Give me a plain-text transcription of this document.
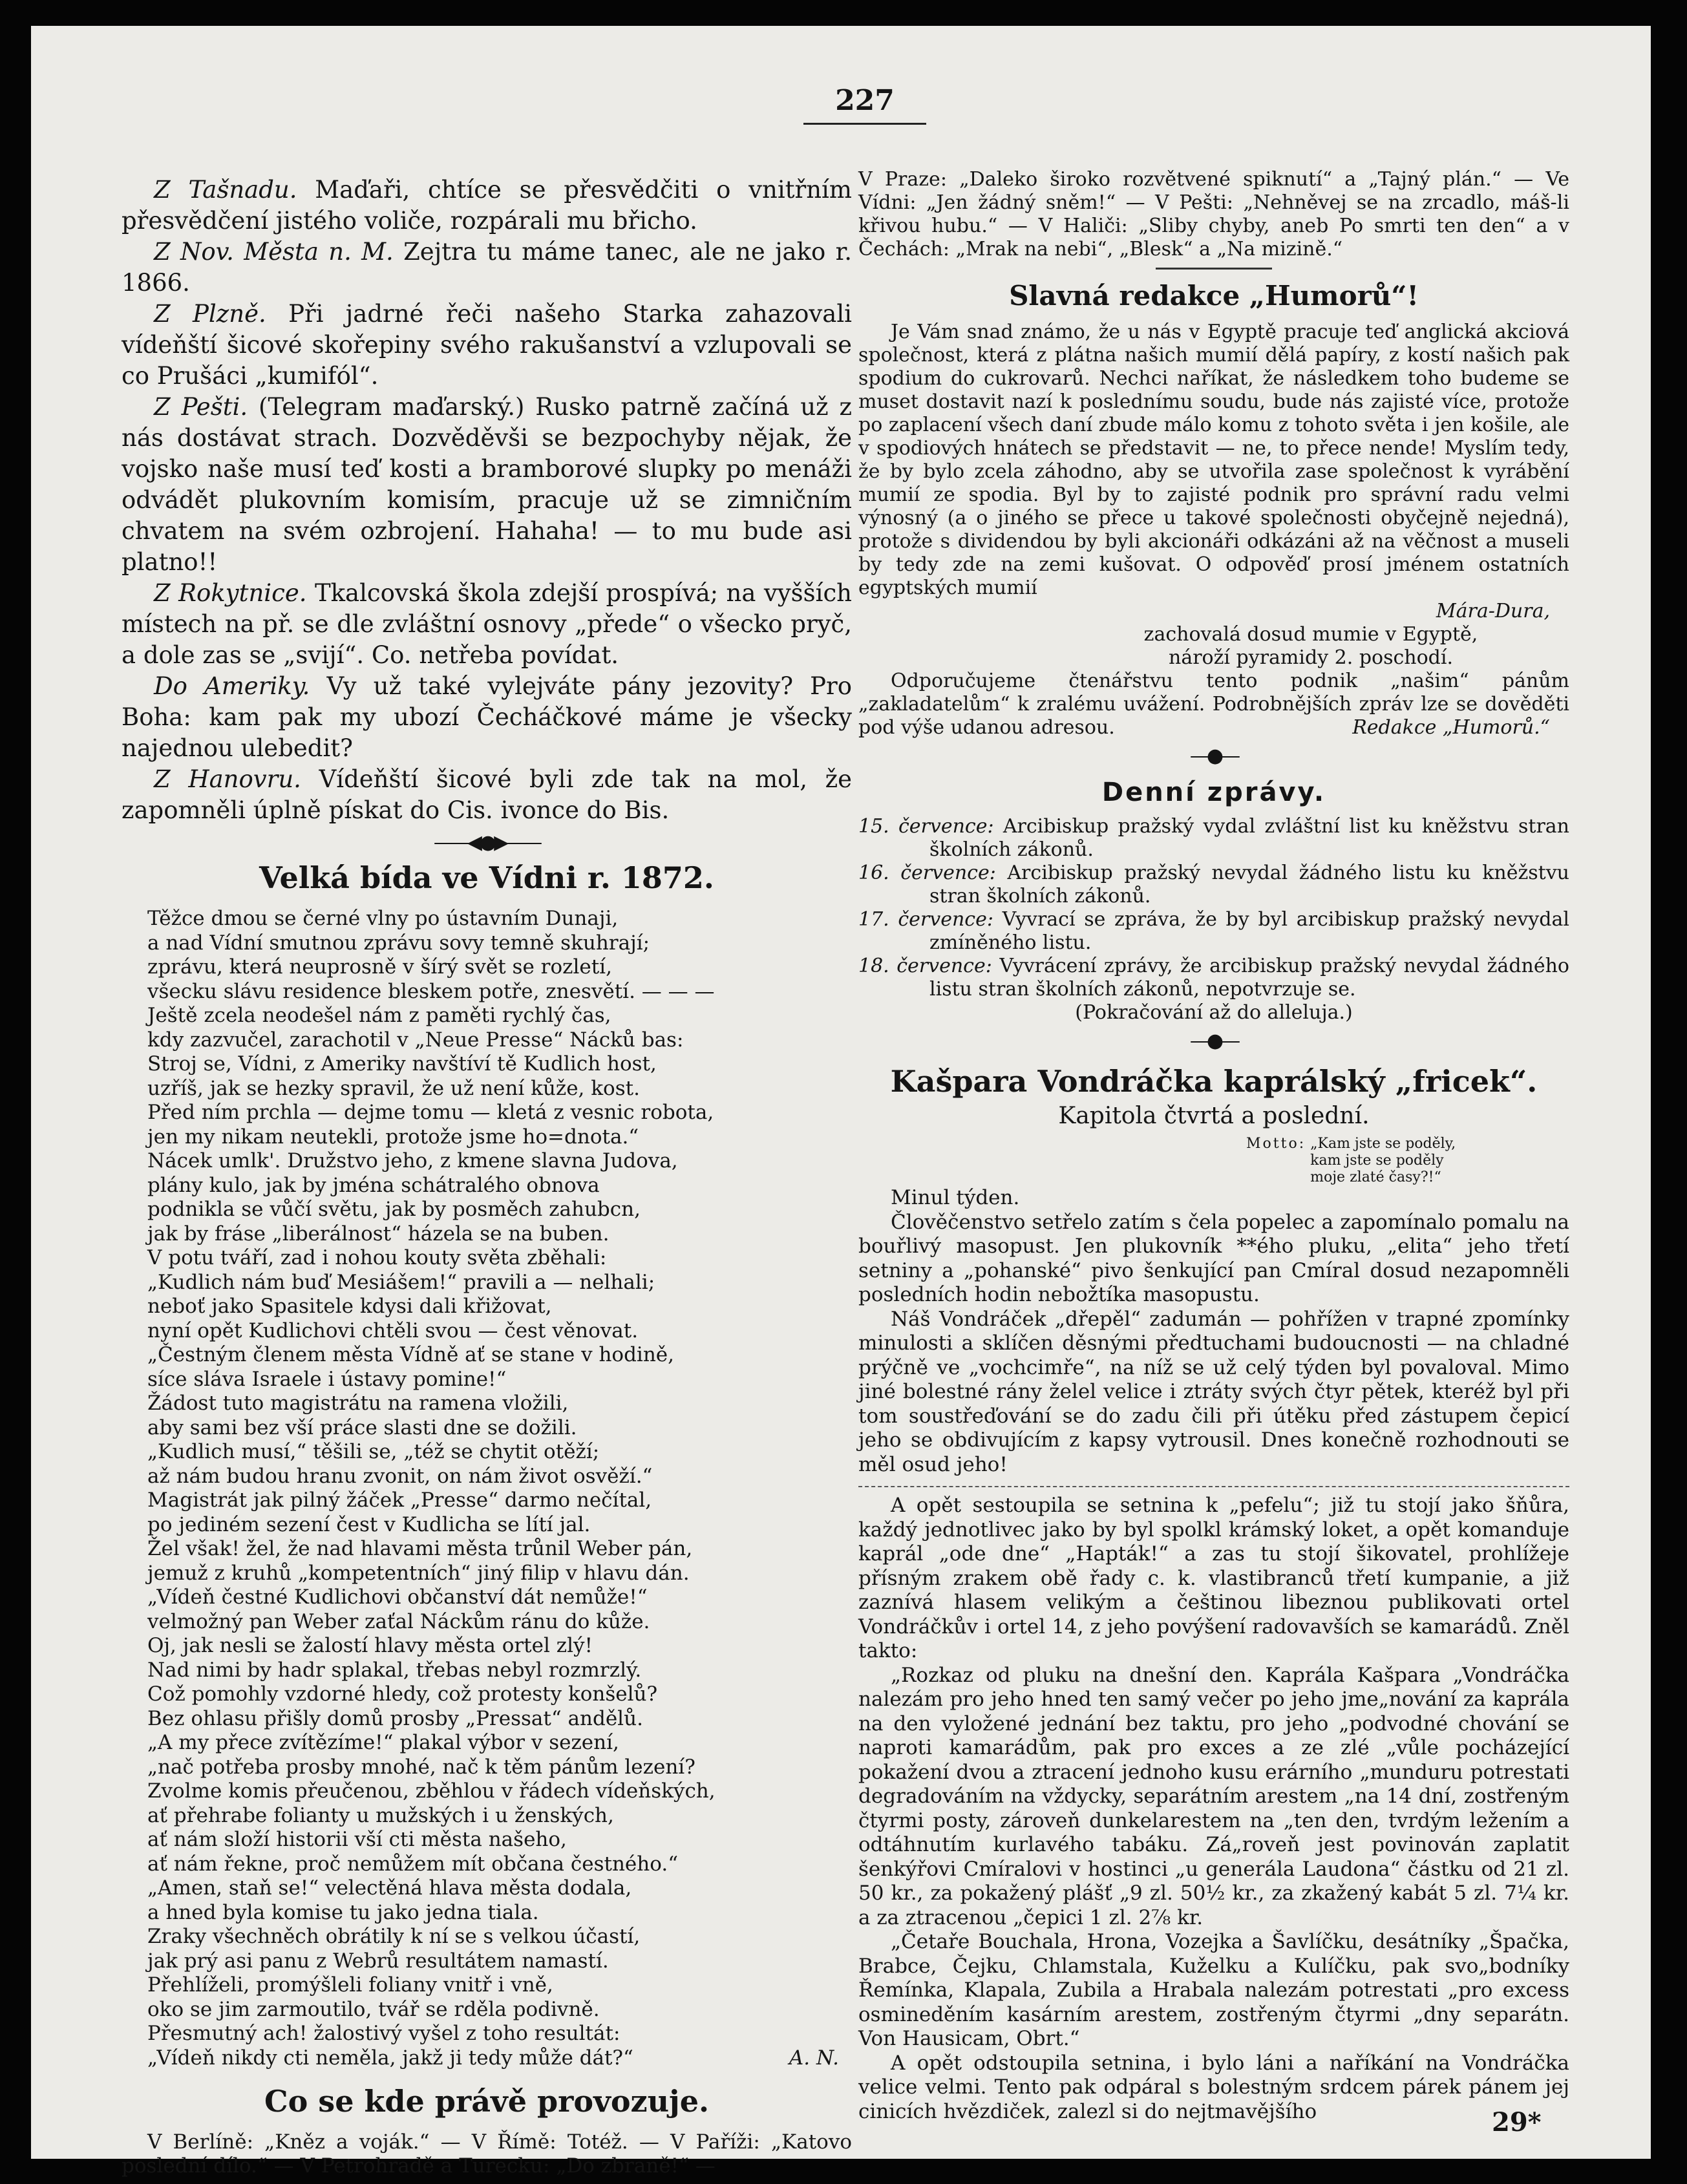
227

Z Tašnadu. Maďaři, chtíce se přesvědčiti o vnitřním přesvědčení jistého voliče, rozpárali mu břicho.

Z Nov. Města n. M. Zejtra tu máme tanec, ale ne jako r. 1866.

Z Plzně. Při jadrné řeči našeho Starka zahazovali vídeňští šicové skořepiny svého rakušanství a vzlupovali se co Prušáci „kumifól“.

Z Pešti. (Telegram maďarský.) Rusko patrně začíná už z nás dostávat strach. Dozvěděvši se bezpochyby nějak, že vojsko naše musí teď kosti a bramborové slupky po menáži odvádět plukovním komisím, pracuje už se zimničním chvatem na svém ozbrojení. Hahaha! — to mu bude asi platno!!

Z Rokytnice. Tkalcovská škola zdejší prospívá; na vyšších místech na př. se dle zvláštní osnovy „přede“ o všecko pryč, a dole zas se „svijí“. Co. netřeba povídat.

Do Ameriky. Vy už také vylejváte pány jezovity? Pro Boha: kam pak my ubozí Čecháčkové máme je všecky najednou ulebedit?

Z Hanovru. Vídeňští šicové byli zde tak na mol, že zapomněli úplně pískat do Cis. ivonce do Bis.

——◀●▶——
Velká bída ve Vídni r. 1872.
Těžce dmou se černé vlny po ústavním Dunaji,
a nad Vídní smutnou zprávu sovy temně skuhrají;
zprávu, která neuprosně v šírý svět se rozletí,
všecku slávu residence bleskem potře, znesvětí. — — —
Ještě zcela neodešel nám z paměti rychlý čas,
kdy zazvučel, zarachotil v „Neue Presse“ Nácků bas:
Stroj se, Vídni, z Ameriky navštíví tě Kudlich host,
uzříš, jak se hezky spravil, že už není kůže, kost.
Před ním prchla — dejme tomu — kletá z vesnic robota,
jen my nikam neutekli, protože jsme ho=dnota.“
Nácek umlk'. Družstvo jeho, z kmene slavna Judova,
plány kulo, jak by jména schátralého obnova
podnikla se vůčí světu, jak by posměch zahubcn,
jak by fráse „liberálnost“ házela se na buben.
V potu tváří, zad i nohou kouty světa zběhali:
„Kudlich nám buď Mesiášem!“ pravili a — nelhali;
neboť jako Spasitele kdysi dali křižovat,
nyní opět Kudlichovi chtěli svou — čest věnovat.
„Čestným členem města Vídně ať se stane v hodině,
síce sláva Israele i ústavy pomine!“
Žádost tuto magistrátu na ramena vložili,
aby sami bez vší práce slasti dne se dožili.
„Kudlich musí,“ těšili se, „též se chytit otěží;
až nám budou hranu zvonit, on nám život osvěží.“
Magistrát jak pilný žáček „Presse“ darmo nečítal,
po jediném sezení čest v Kudlicha se lítí jal.
Žel však! žel, že nad hlavami města trůnil Weber pán,
jemuž z kruhů „kompetentních“ jiný filip v hlavu dán.
„Vídeň čestné Kudlichovi občanství dát nemůže!“
velmožný pan Weber zaťal Náckům ránu do kůže.
Oj, jak nesli se žalostí hlavy města ortel zlý!
Nad nimi by hadr splakal, třebas nebyl rozmrzlý.
Což pomohly vzdorné hledy, což protesty konšelů?
Bez ohlasu přišly domů prosby „Pressat“ andělů.
„A my přece zvítězíme!“ plakal výbor v sezení,
„nač potřeba prosby mnohé, nač k těm pánům lezení?
Zvolme komis přeučenou, zběhlou v řádech vídeňských,
ať přehrabe folianty u mužských i u ženských,
ať nám složí historii vší cti města našeho,
ať nám řekne, proč nemůžem mít občana čestného.“
„Amen, staň se!“ velectěná hlava města dodala,
a hned byla komise tu jako jedna tiala.
Zraky všechněch obrátily k ní se s velkou účastí,
jak prý asi panu z Webrů resultátem namastí.
Přehlíželi, promýšleli foliany vnitř i vně,
oko se jim zarmoutilo, tvář se rděla podivně.
Přesmutný ach! žalostivý vyšel z toho resultát:
„Vídeň nikdy cti neměla, jakž ji tedy může dát?“	A. N.
Co se kde právě provozuje.

V Berlíně: „Kněz a voják.“ — V Římě: Totéž. — V Paříži: „Katovo poslední dílo.“ — V Petrohradě a Turecku: „Do zbraně!“ —

V Praze: „Daleko široko rozvětvené spiknutí“ a „Tajný plán.“ — Ve Vídni: „Jen žádný sněm!“ — V Pešti: „Nehněvej se na zrcadlo, máš-li křivou hubu.“ — V Haliči: „Sliby chyby, aneb Po smrti ten den“ a v Čechách: „Mrak na nebi“, „Blesk“ a „Na mizině.“

Slavná redakce „Humorů“!

Je Vám snad známo, že u nás v Egyptě pracuje teď anglická akciová společnost, která z plátna našich mumií dělá papíry, z kostí našich pak spodium do cukrovarů. Nechci naříkat, že následkem toho budeme se muset dostavit nazí k poslednímu soudu, bude nás zajisté více, protože po zaplacení všech daní zbude málo komu z tohoto světa i jen košile, ale v spodiových hnátech se představit — ne, to přece nende! Myslím tedy, že by bylo zcela záhodno, aby se utvořila zase společnost k vyrábění mumií ze spodia. Byl by to zajisté podnik pro správní radu velmi výnosný (a o jiného se přece u takové společnosti obyčejně nejedná), protože s dividendou by byli akcionáři odkázáni až na věčnost a museli by tedy zde na zemi kušovat. O odpověď prosí jménem ostatních egyptských mumií

Mára-Dura,
zachovalá dosud mumie v Egyptě,
nároží pyramidy 2. poschodí.

Odporučujeme čtenářstvu tento podnik „našim“ pánům „zakladatelům“ k zralému uvážení. Podrobnějších zpráv lze se dověděti pod výše udanou adresou.	Redakce „Humorů.“

—●—
Denní zprávy.
15. července: Arcibiskup pražský vydal zvláštní list ku kněžstvu stran školních zákonů.
16. července: Arcibiskup pražský nevydal žádného listu ku kněžstvu stran školních zákonů.
17. července: Vyvrací se zpráva, že by byl arcibiskup pražský nevydal zmíněného listu.
18. července: Vyvrácení zprávy, že arcibiskup pražský nevydal žádného listu stran školních zákonů, nepotvrzuje se.
(Pokračování až do alleluja.)
—●—
Kašpara Vondráčka kaprálský „fricek“.
Kapitola čtvrtá a poslední.
Motto: „Kam jste se poděly,
kam jste se poděly
moje zlaté časy?!“

Minul týden.

Člověčenstvo setřelo zatím s čela popelec a zapomínalo pomalu na bouřlivý masopust. Jen plukovník **ého pluku, „elita“ jeho třetí setniny a „pohanské“ pivo šenkující pan Cmíral dosud nezapomněli posledních hodin nebožtíka masopustu.

Náš Vondráček „dřepěl“ zadumán — pohřížen v trapné zpomínky minulosti a sklíčen děsnými předtuchami budoucnosti — na chladné prýčně ve „vochcimře“, na níž se už celý týden byl povaloval. Mimo jiné bolestné rány želel velice i ztráty svých čtyr pětek, kteréž byl při tom soustřeďování se do zadu čili při útěku před zástupem čepicí jeho se obdivujícím z kapsy vytrousil. Dnes konečně rozhodnouti se měl osud jeho!

A opět sestoupila se setnina k „pefelu“; již tu stojí jako šňůra, každý jednotlivec jako by byl spolkl krámský loket, a opět komanduje kaprál „ode dne“ „Hapták!“ a zas tu stojí šikovatel, prohlížeje přísným zrakem obě řady c. k. vlastibranců třetí kumpanie, a již zaznívá hlasem velikým a češtinou libeznou publikovati ortel Vondráčkův i ortel 14, z jeho povýšení radovavších se kamarádů. Zněl takto:

„Rozkaz od pluku na dnešní den. Kaprála Kašpara „Vondráčka nalezám pro jeho hned ten samý večer po jeho jme„nování za kaprála na den vyložené jednání bez taktu, pro jeho „podvodné chování se naproti kamarádům, pak pro exces a ze zlé „vůle pocházející pokažení dvou a ztracení jednoho kusu erárního „munduru potrestati degradováním na vždycky, separátním arestem „na 14 dní, zostřeným čtyrmi posty, zároveň dunkelarestem na „ten den, tvrdým ležením a odtáhnutím kurlavého tabáku. Zá„roveň jest povinován zaplatit šenkýřovi Cmíralovi v hostinci „u generála Laudona“ částku od 21 zl. 50 kr., za pokažený plášť „9 zl. 50½ kr., za zkažený kabát 5 zl. 7¼ kr. a za ztracenou „čepici 1 zl. 2⅞ kr.

„Četaře Bouchala, Hrona, Vozejka a Šavlíčku, desátníky „Špačka, Brabce, Čejku, Chlamstala, Kuželku a Kulíčku, pak svo„bodníky Řemínka, Klapala, Zubila a Hrabala nalezám potrestati „pro excess osmineděním kasárním arestem, zostřeným čtyrmi „dny separátn. Von Hausicam, Obrt.“

A opět odstoupila setnina, i bylo láni a naříkání na Vondráčka velice velmi. Tento pak odpáral s bolestným srdcem párek pánem jej cinicích hvězdiček, zalezl si do nejtmavějšího	29*
